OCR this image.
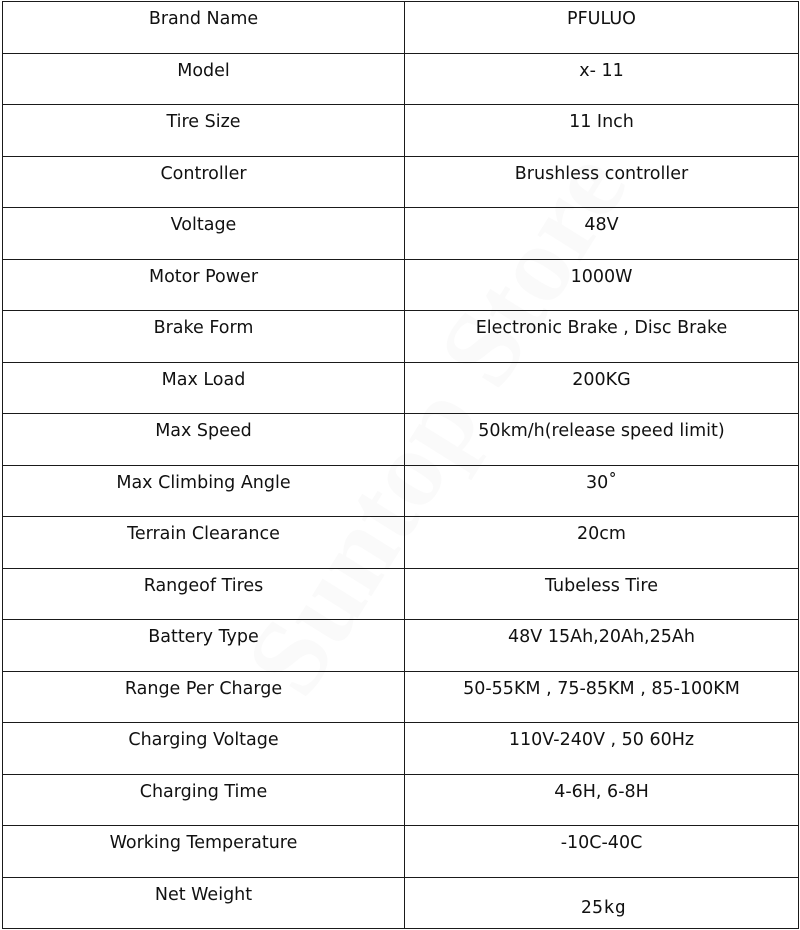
Brand Name	PFULUO
Model	x- 11
Tire Size	11 Inch
Controller	Brushless controller
Voltage	48V
Motor Power	1000W
Brake Form	Electronic Brake , Disc Brake
Max Load	200KG
Max Speed	50km/h(release speed limit)
Max Climbing Angle	30˚
Terrain Clearance	20cm
Rangeof Tires	Tubeless Tire
Battery Type	48V 15Ah,20Ah,25Ah
Range Per Charge	50-55KM , 75-85KM , 85-100KM
Charging Voltage	110V-240V , 50 60Hz
Charging Time	4-6H, 6-8H
Working Temperature	-10C-40C
Net Weight	25kg
